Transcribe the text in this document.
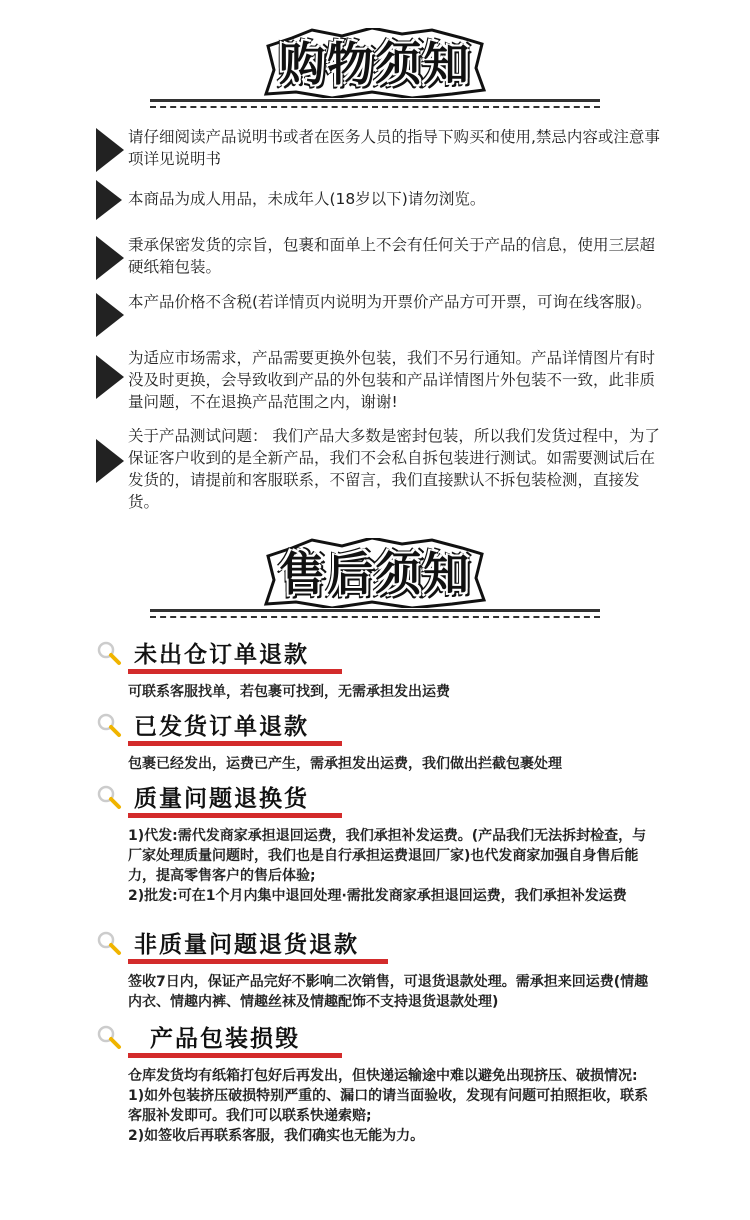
购物须知
请仔细阅读产品说明书或者在医务人员的指导下购买和使用,禁忌内容或注意事项详见说明书
本商品为成人用品，未成年人(18岁以下)请勿浏览。
秉承保密发货的宗旨，包裹和面单上不会有任何关于产品的信息，使用三层超硬纸箱包装。
本产品价格不含税(若详情页内说明为开票价产品方可开票，可询在线客服)。
为适应市场需求，产品需要更换外包装，我们不另行通知。产品详情图片有时没及时更换，会导致收到产品的外包装和产品详情图片外包装不一致，此非质量问题，不在退换产品范围之内，谢谢!
关于产品测试问题： 我们产品大多数是密封包装，所以我们发货过程中，为了保证客户收到的是全新产品，我们不会私自拆包装进行测试。如需要测试后在发货的，请提前和客服联系，不留言，我们直接默认不拆包装检测，直接发货。
售后须知
未出仓订单退款
可联系客服找单，若包裹可找到，无需承担发出运费
已发货订单退款
包裹已经发出，运费已产生，需承担发出运费，我们做出拦截包裹处理
质量问题退换货
1)代发:需代发商家承担退回运费，我们承担补发运费。(产品我们无法拆封检查，与厂家处理质量问题时，我们也是自行承担运费退回厂家)也代发商家加强自身售后能力，提高零售客户的售后体验;
2)批发:可在1个月内集中退回处理·需批发商家承担退回运费，我们承担补发运费
非质量问题退货退款
签收7日内，保证产品完好不影响二次销售，可退货退款处理。需承担来回运费(情趣内衣、情趣内裤、情趣丝袜及情趣配饰不支持退货退款处理)
产品包装损毁
仓库发货均有纸箱打包好后再发出，但快递运输途中难以避免出现挤压、破损情况:
1)如外包装挤压破损特别严重的、漏口的请当面验收，发现有问题可拍照拒收，联系客服补发即可。我们可以联系快递索赔;
2)如签收后再联系客服，我们确实也无能为力。
